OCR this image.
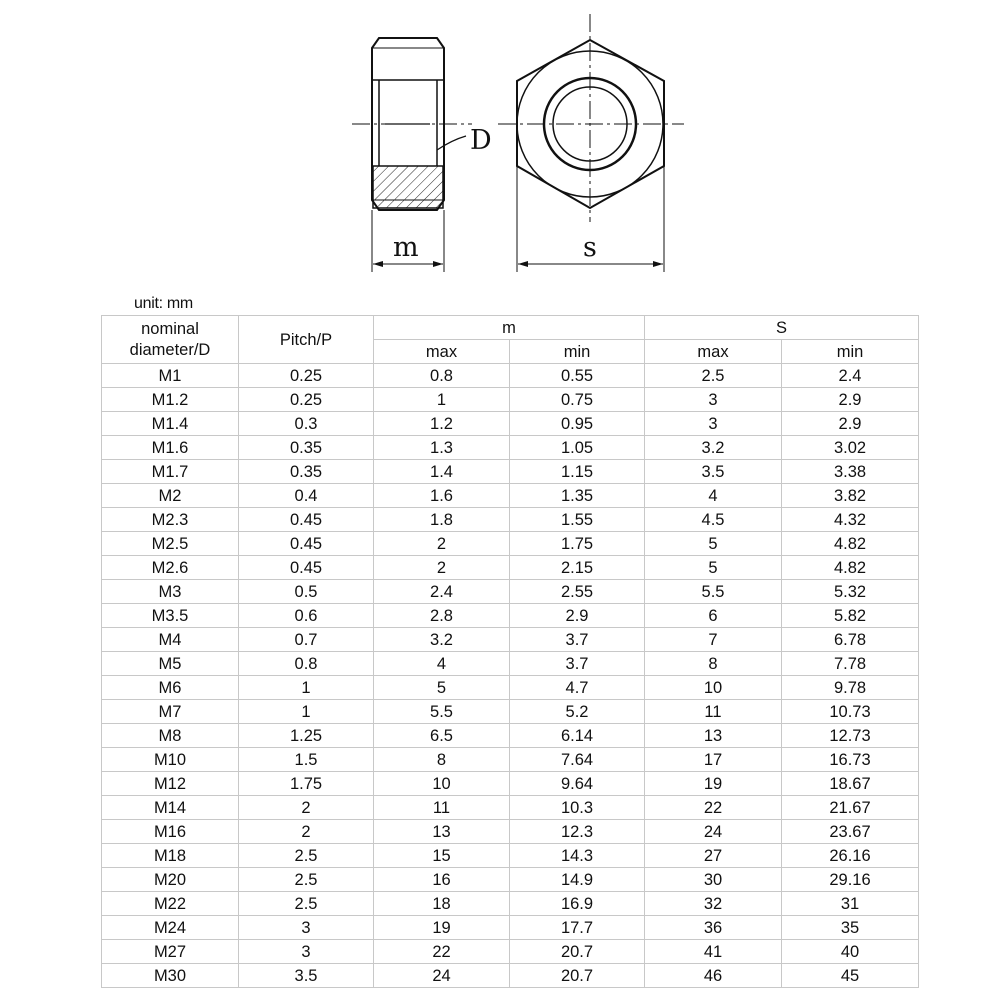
D
m	s
unit: mm
nominal
diameter/D	Pitch/P	m		S	
		max	min	max	min
M1	0.25	0.8	0.55	2.5	2.4
M1.2	0.25	1	0.75	3	2.9
M1.4	0.3	1.2	0.95	3	2.9
M1.6	0.35	1.3	1.05	3.2	3.02
M1.7	0.35	1.4	1.15	3.5	3.38
M2	0.4	1.6	1.35	4	3.82
M2.3	0.45	1.8	1.55	4.5	4.32
M2.5	0.45	2	1.75	5	4.82
M2.6	0.45	2	2.15	5	4.82
M3	0.5	2.4	2.55	5.5	5.32
M3.5	0.6	2.8	2.9	6	5.82
M4	0.7	3.2	3.7	7	6.78
M5	0.8	4	3.7	8	7.78
M6	1	5	4.7	10	9.78
M7	1	5.5	5.2	11	10.73
M8	1.25	6.5	6.14	13	12.73
M10	1.5	8	7.64	17	16.73
M12	1.75	10	9.64	19	18.67
M14	2	11	10.3	22	21.67
M16	2	13	12.3	24	23.67
M18	2.5	15	14.3	27	26.16
M20	2.5	16	14.9	30	29.16
M22	2.5	18	16.9	32	31
M24	3	19	17.7	36	35
M27	3	22	20.7	41	40
M30	3.5	24	20.7	46	45
